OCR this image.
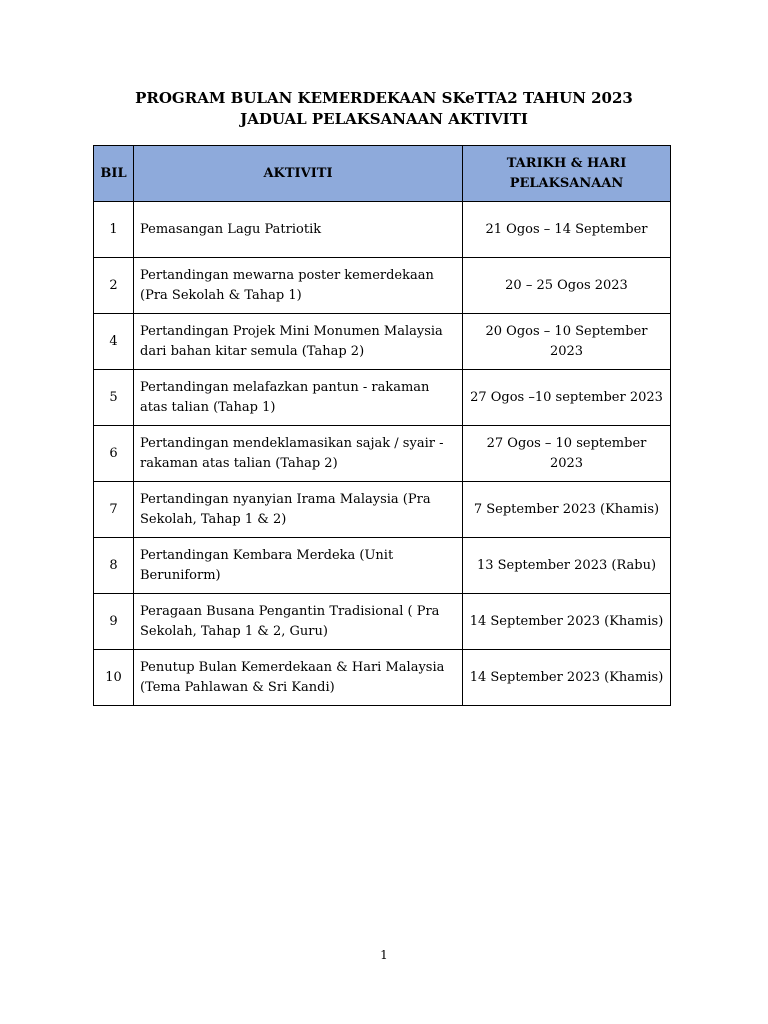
PROGRAM BULAN KEMERDEKAAN SKeTTA2 TAHUN 2023
JADUAL PELAKSANAAN AKTIVITI
BIL	AKTIVITI	TARIKH & HARI
PELAKSANAAN
1	Pemasangan Lagu Patriotik	21 Ogos – 14 September
2	Pertandingan mewarna poster kemerdekaan (Pra Sekolah & Tahap 1)	20 – 25 Ogos 2023
4	Pertandingan Projek Mini Monumen Malaysia dari bahan kitar semula (Tahap 2)	20 Ogos – 10 September 2023
5	Pertandingan melafazkan pantun - rakaman atas talian (Tahap 1)	27 Ogos –10 september 2023
6	Pertandingan mendeklamasikan sajak / syair - rakaman atas talian (Tahap 2)	27 Ogos – 10 september 2023
7	Pertandingan nyanyian Irama Malaysia (Pra Sekolah, Tahap 1 & 2)	7 September 2023 (Khamis)
8	Pertandingan Kembara Merdeka (Unit Beruniform)	13 September 2023 (Rabu)
9	Peragaan Busana Pengantin Tradisional ( Pra Sekolah, Tahap 1 & 2, Guru)	14 September 2023 (Khamis)
10	Penutup Bulan Kemerdekaan & Hari Malaysia (Tema Pahlawan & Sri Kandi)	14 September 2023 (Khamis)
1
